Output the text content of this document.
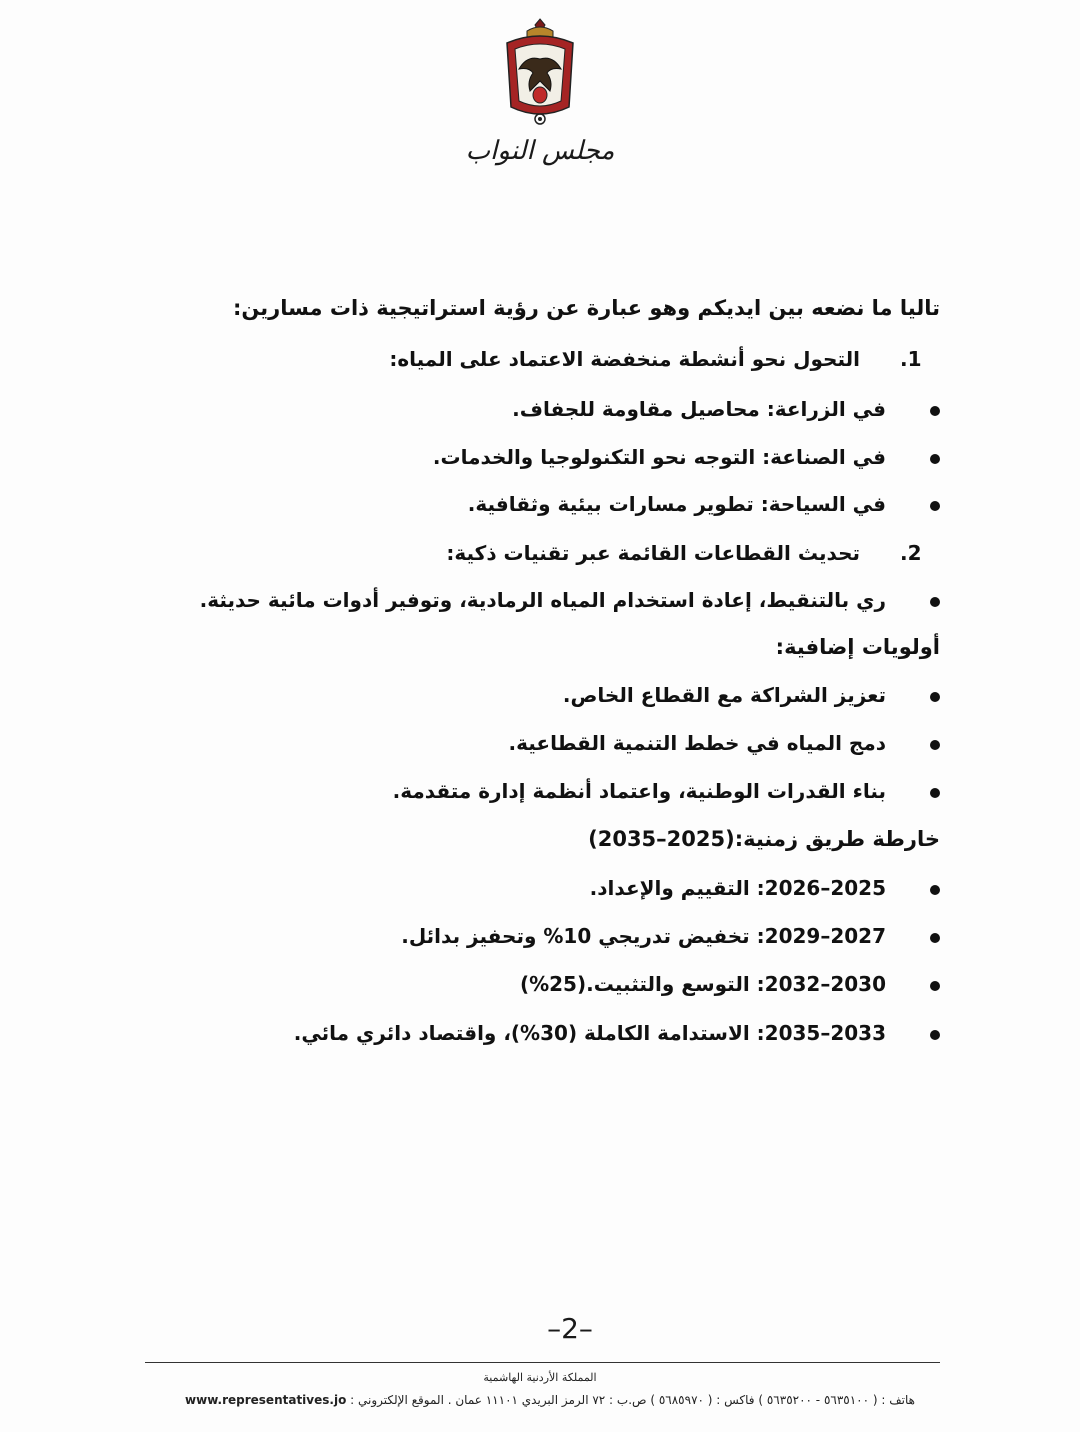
مجلس النواب
تاليا ما نضعه بين ايديكم وهو عبارة عن رؤية استراتيجية ذات مسارين:
1.التحول نحو أنشطة منخفضة الاعتماد على المياه:
في الزراعة: محاصيل مقاومة للجفاف.
في الصناعة: التوجه نحو التكنولوجيا والخدمات.
في السياحة: تطوير مسارات بيئية وثقافية.
2.تحديث القطاعات القائمة عبر تقنيات ذكية:
ري بالتنقيط، إعادة استخدام المياه الرمادية، وتوفير أدوات مائية حديثة.
أولويات إضافية:
تعزيز الشراكة مع القطاع الخاص.
دمج المياه في خطط التنمية القطاعية.
بناء القدرات الوطنية، واعتماد أنظمة إدارة متقدمة.
خارطة طريق زمنية:(2025–2035)
2025–2026: التقييم والإعداد.
2027–2029: تخفيض تدريجي 10% وتحفيز بدائل.
2030–2032: التوسع والتثبيت.(25%)
2033–2035: الاستدامة الكاملة (30%)، واقتصاد دائري مائي.
–2–
المملكة الأردنية الهاشمية
هاتف : ( ٥٦٣٥١٠٠ - ٥٦٣٥٢٠٠ ) فاكس : ( ٥٦٨٥٩٧٠ ) ص.ب : ٧٢ الرمز البريدي ١١١٠١ عمان . الموقع الإلكتروني : www.representatives.jo
